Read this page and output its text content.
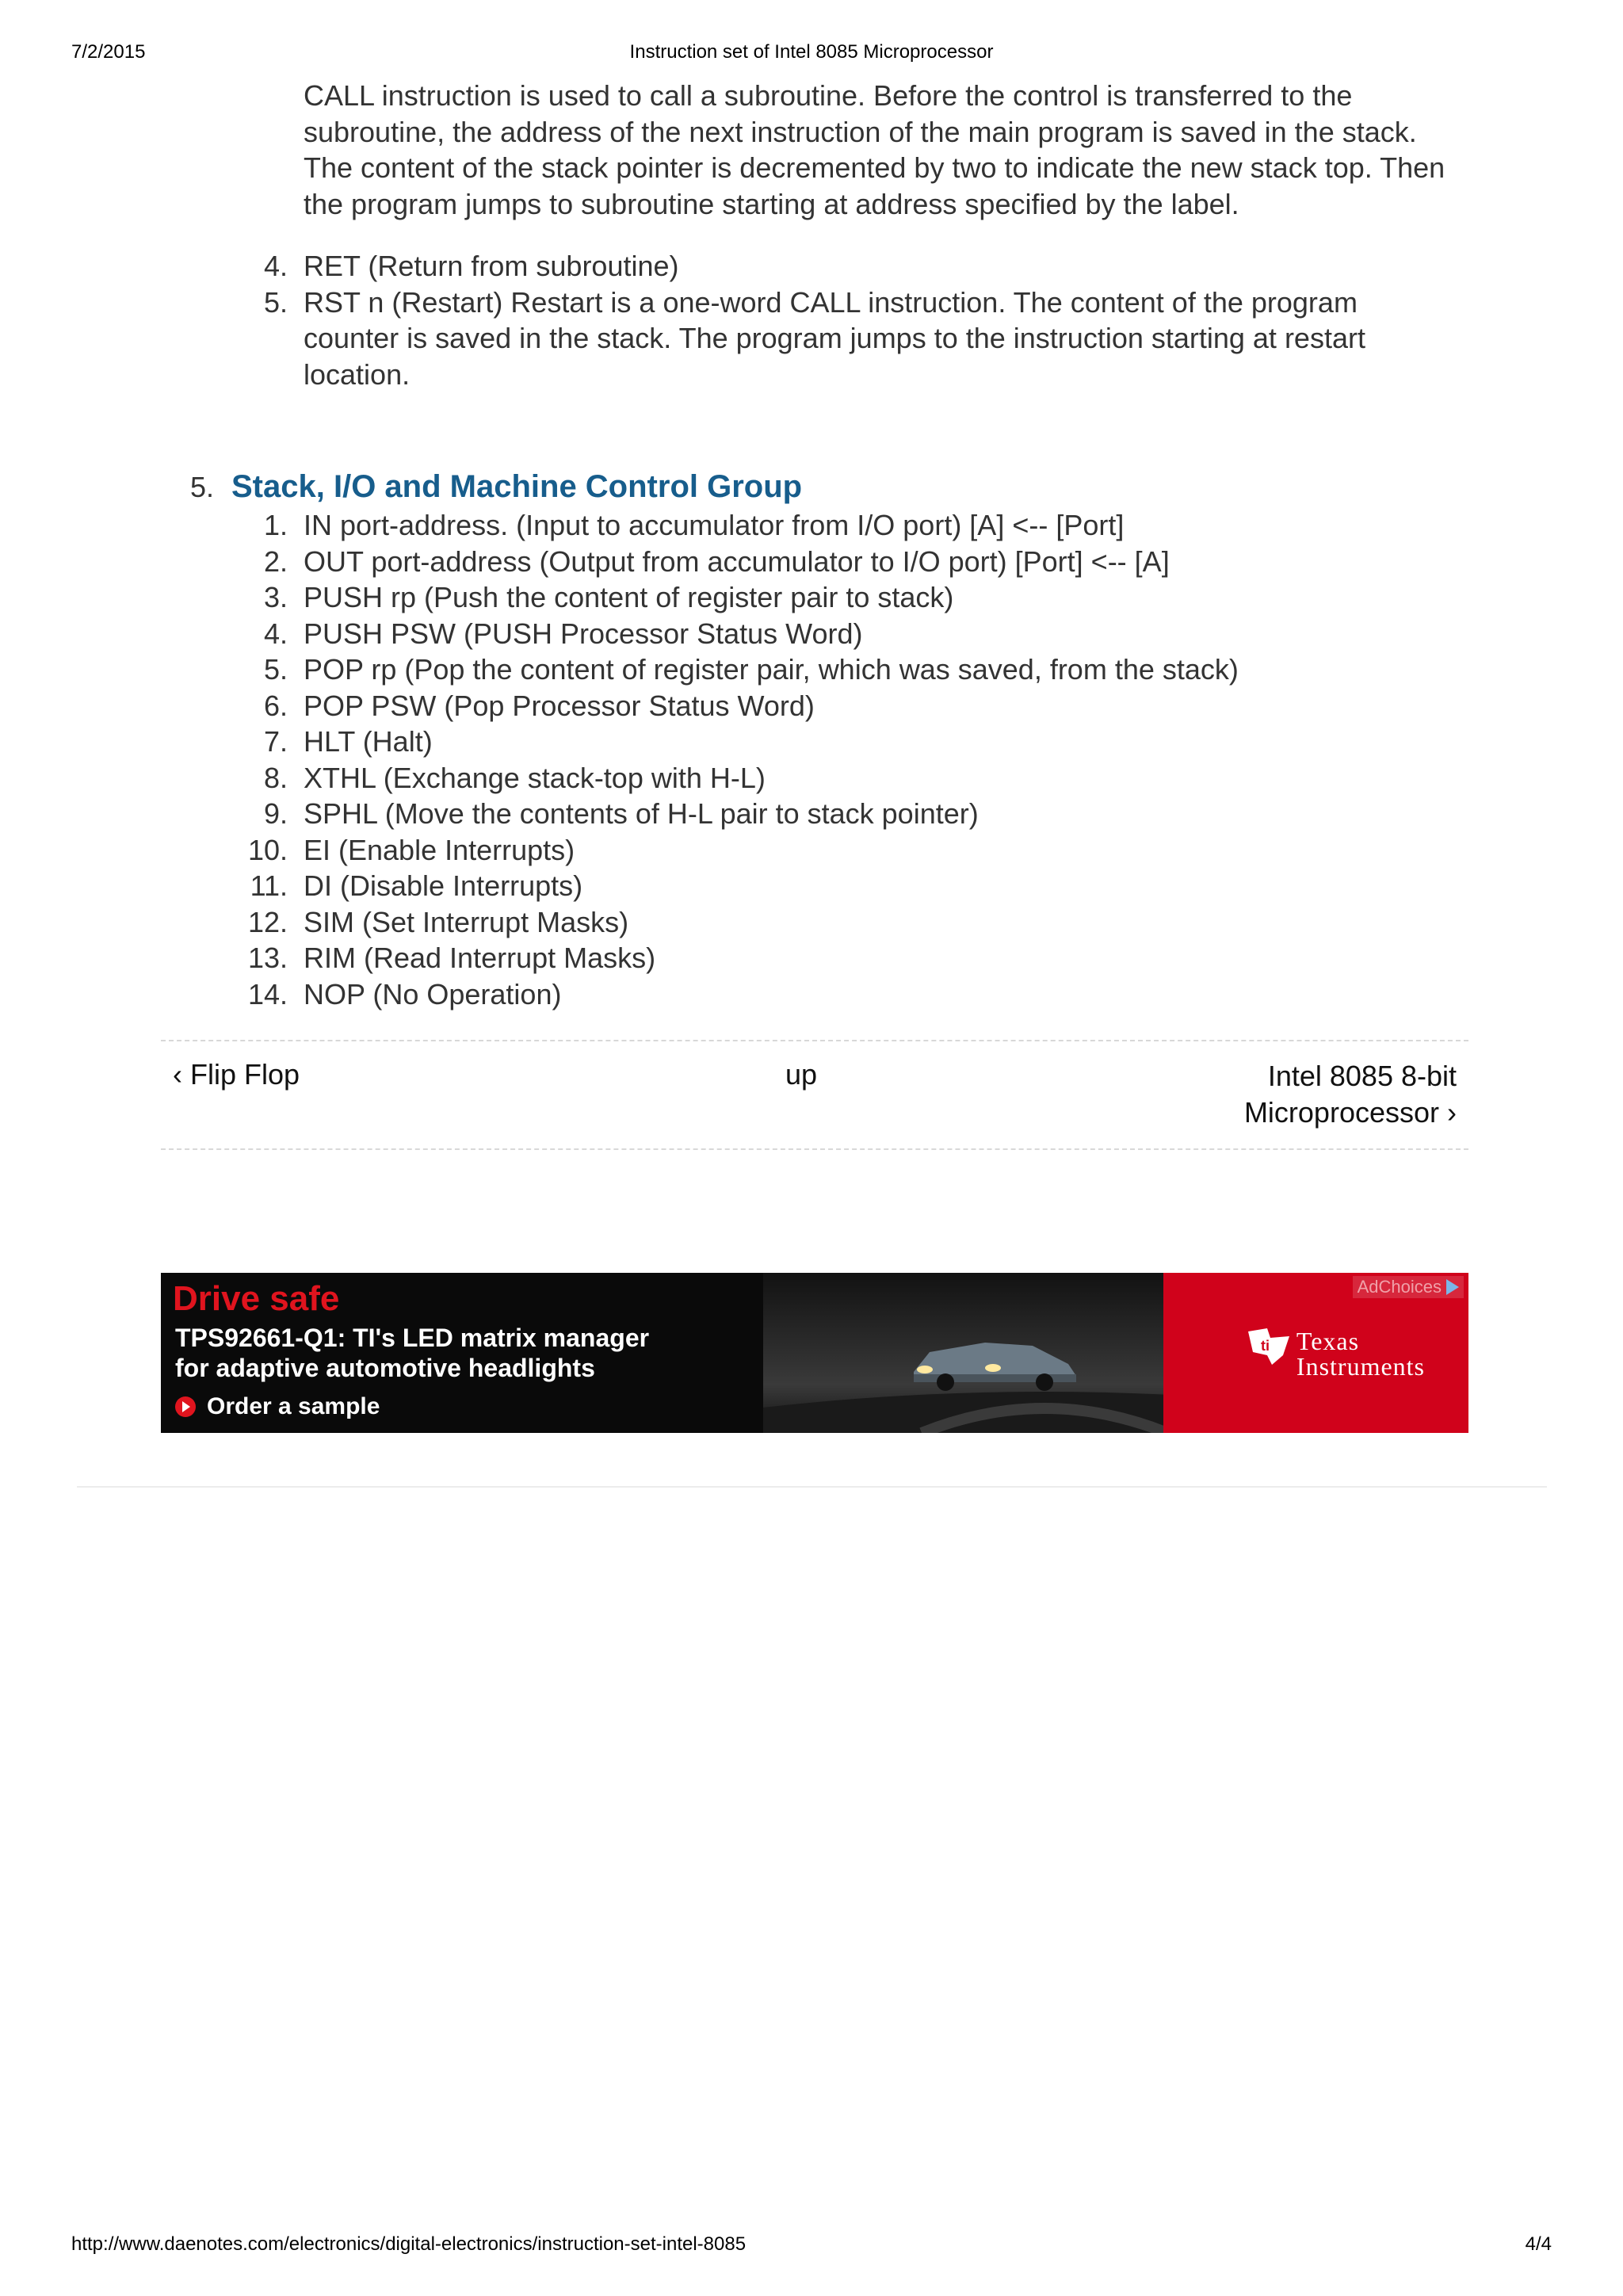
7/2/2015	Instruction set of Intel 8085 Microprocessor
CALL instruction is used to call a subroutine. Before the control is transferred to the
subroutine, the address of the next instruction of the main program is saved in the stack.
The content of the stack pointer is decremented by two to indicate the new stack top. Then
the program jumps to subroutine starting at address specified by the label.
4. RET (Return from subroutine)
5. RST n (Restart) Restart is a one-word CALL instruction. The content of the program
counter is saved in the stack. The program jumps to the instruction starting at restart
location.
5. Stack, I/O and Machine Control Group
1. IN port-address. (Input to accumulator from I/O port) [A] <-- [Port]
2. OUT port-address (Output from accumulator to I/O port) [Port] <-- [A]
3. PUSH rp (Push the content of register pair to stack)
4. PUSH PSW (PUSH Processor Status Word)
5. POP rp (Pop the content of register pair, which was saved, from the stack)
6. POP PSW (Pop Processor Status Word)
7. HLT (Halt)
8. XTHL (Exchange stack-top with H-L)
9. SPHL (Move the contents of H-L pair to stack pointer)
10. EI (Enable Interrupts)
11. DI (Disable Interrupts)
12. SIM (Set Interrupt Masks)
13. RIM (Read Interrupt Masks)
14. NOP (No Operation)
‹ Flip Flop	up	Intel 8085 8-bit
Microprocessor ›
ti Texas
Instruments
Drive safe
TPS92661-Q1: TI's LED matrix manager
for adaptive automotive headlights
Order a sample
AdChoices
http://www.daenotes.com/electronics/digital-electronics/instruction-set-intel-8085	4/4
